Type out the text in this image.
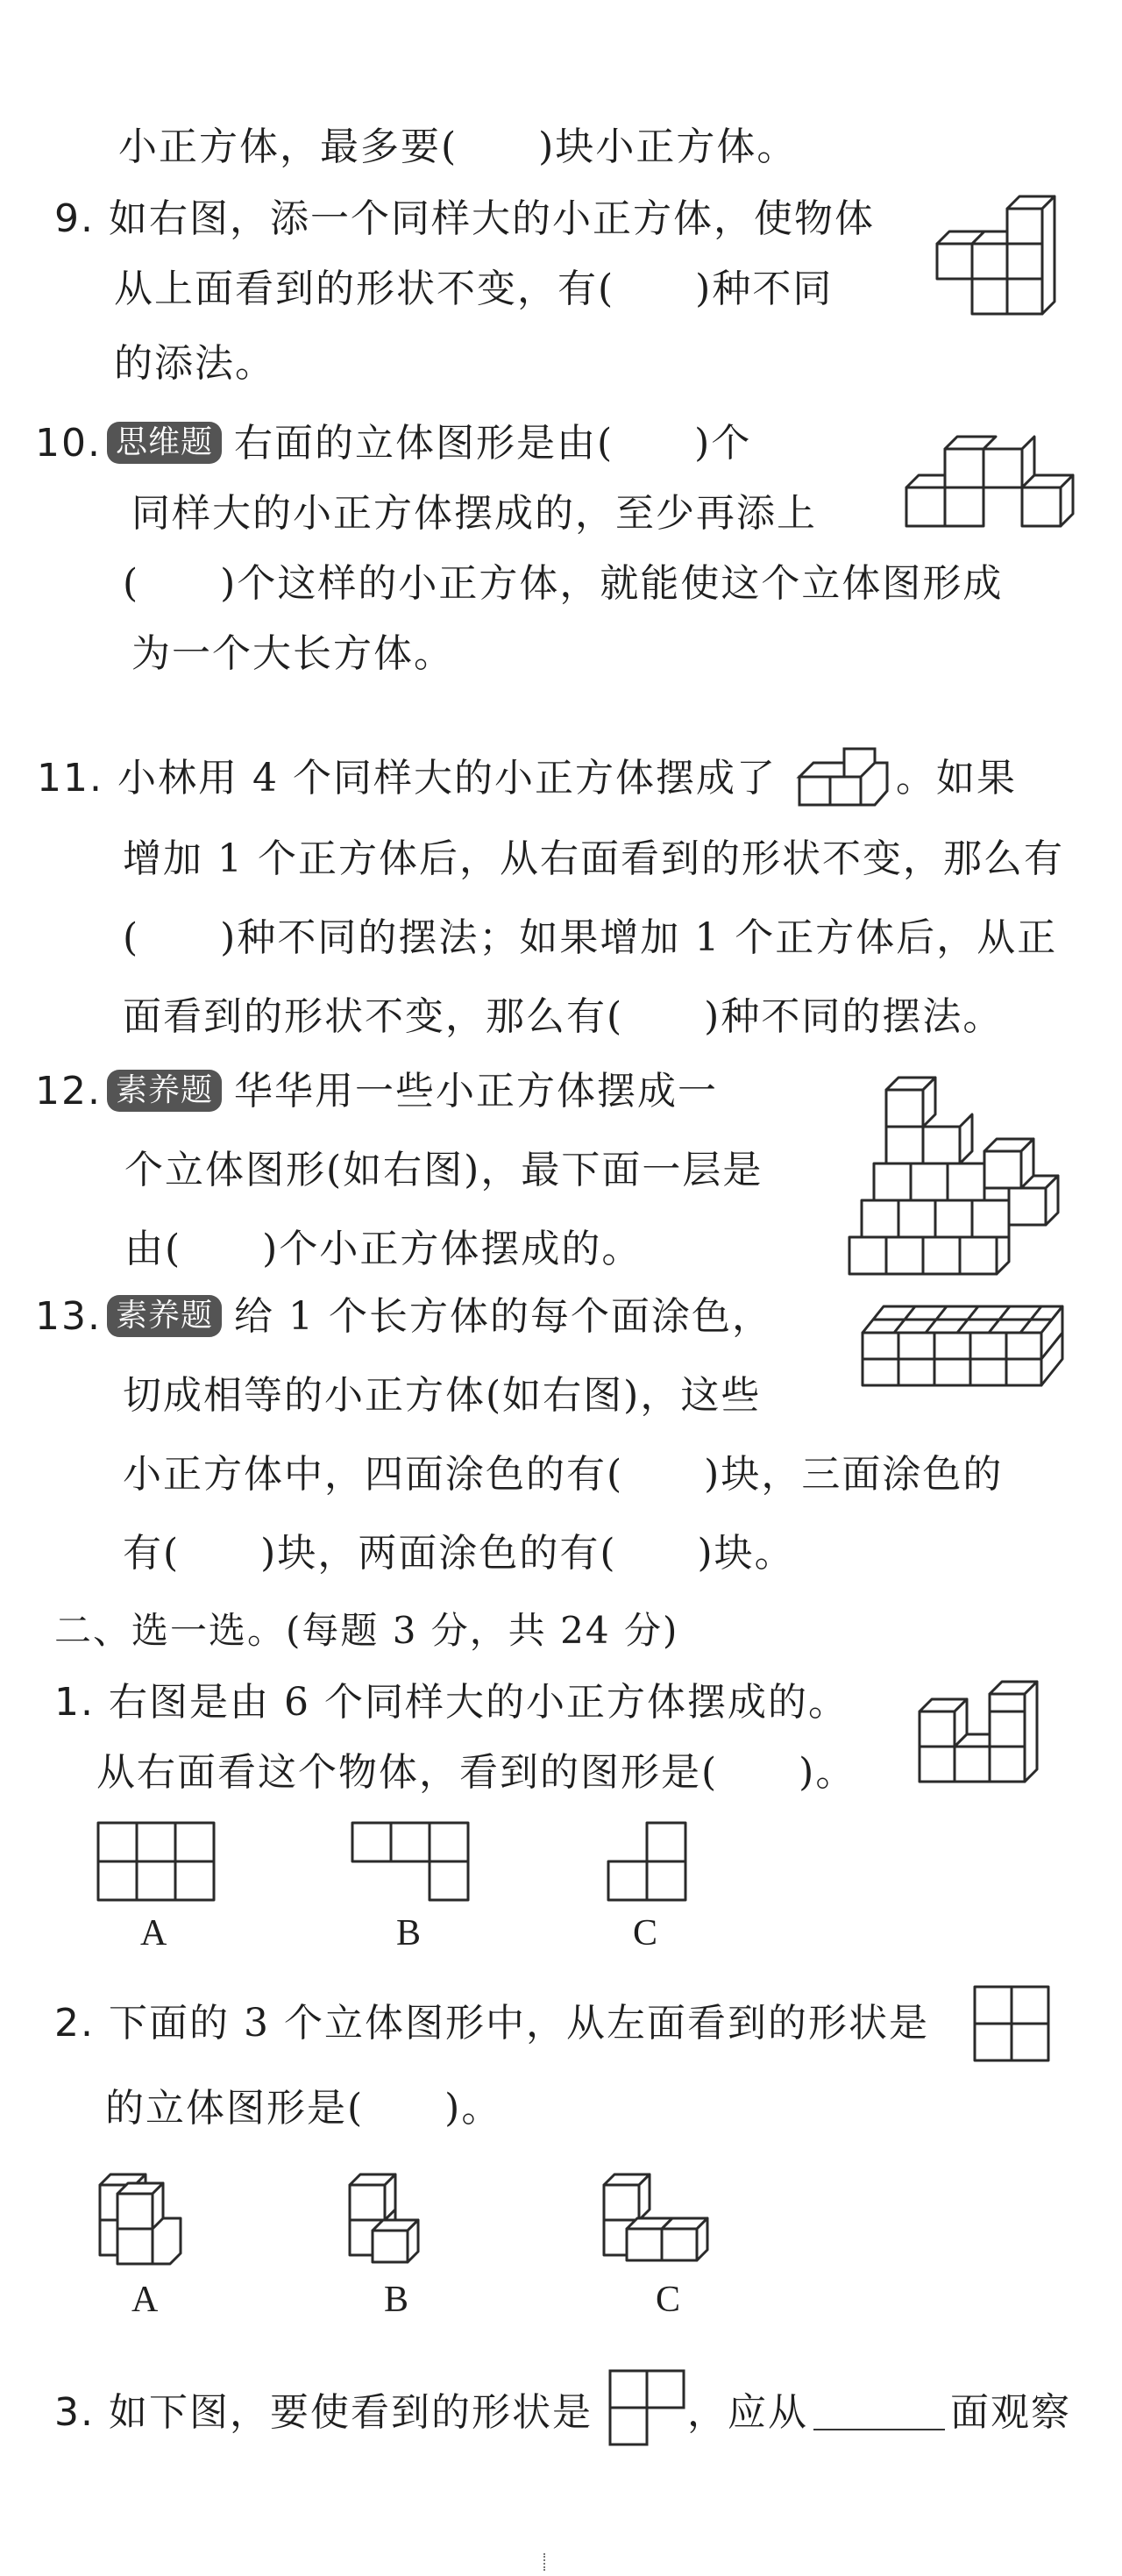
小正方体，最多要(　　)块小正方体。
9. 如右图，添一个同样大的小正方体，使物体
从上面看到的形状不变，有(　　)种不同
的添法。
10. 思维题 右面的立体图形是由(　　)个
同样大的小正方体摆成的，至少再添上
(　　)个这样的小正方体，就能使这个立体图形成
为一个大长方体。
11. 小林用 4 个同样大的小正方体摆成了	。如果
增加 1 个正方体后，从右面看到的形状不变，那么有
(　　)种不同的摆法；如果增加 1 个正方体后，从正
面看到的形状不变，那么有(　　)种不同的摆法。
12. 素养题 华华用一些小正方体摆成一
个立体图形(如右图)，最下面一层是
由(　　)个小正方体摆成的。
13. 素养题 给 1 个长方体的每个面涂色，
切成相等的小正方体(如右图)，这些
小正方体中，四面涂色的有(　　)块，三面涂色的
有(　　)块，两面涂色的有(　　)块。
二、选一选。(每题 3 分，共 24 分)
1. 右图是由 6 个同样大的小正方体摆成的。
从右面看这个物体，看到的图形是(　　)。
A	B	C
2. 下面的 3 个立体图形中，从左面看到的形状是
的立体图形是(　　)。
A	B	C
3. 如下图，要使看到的形状是 ，应从	面观察
